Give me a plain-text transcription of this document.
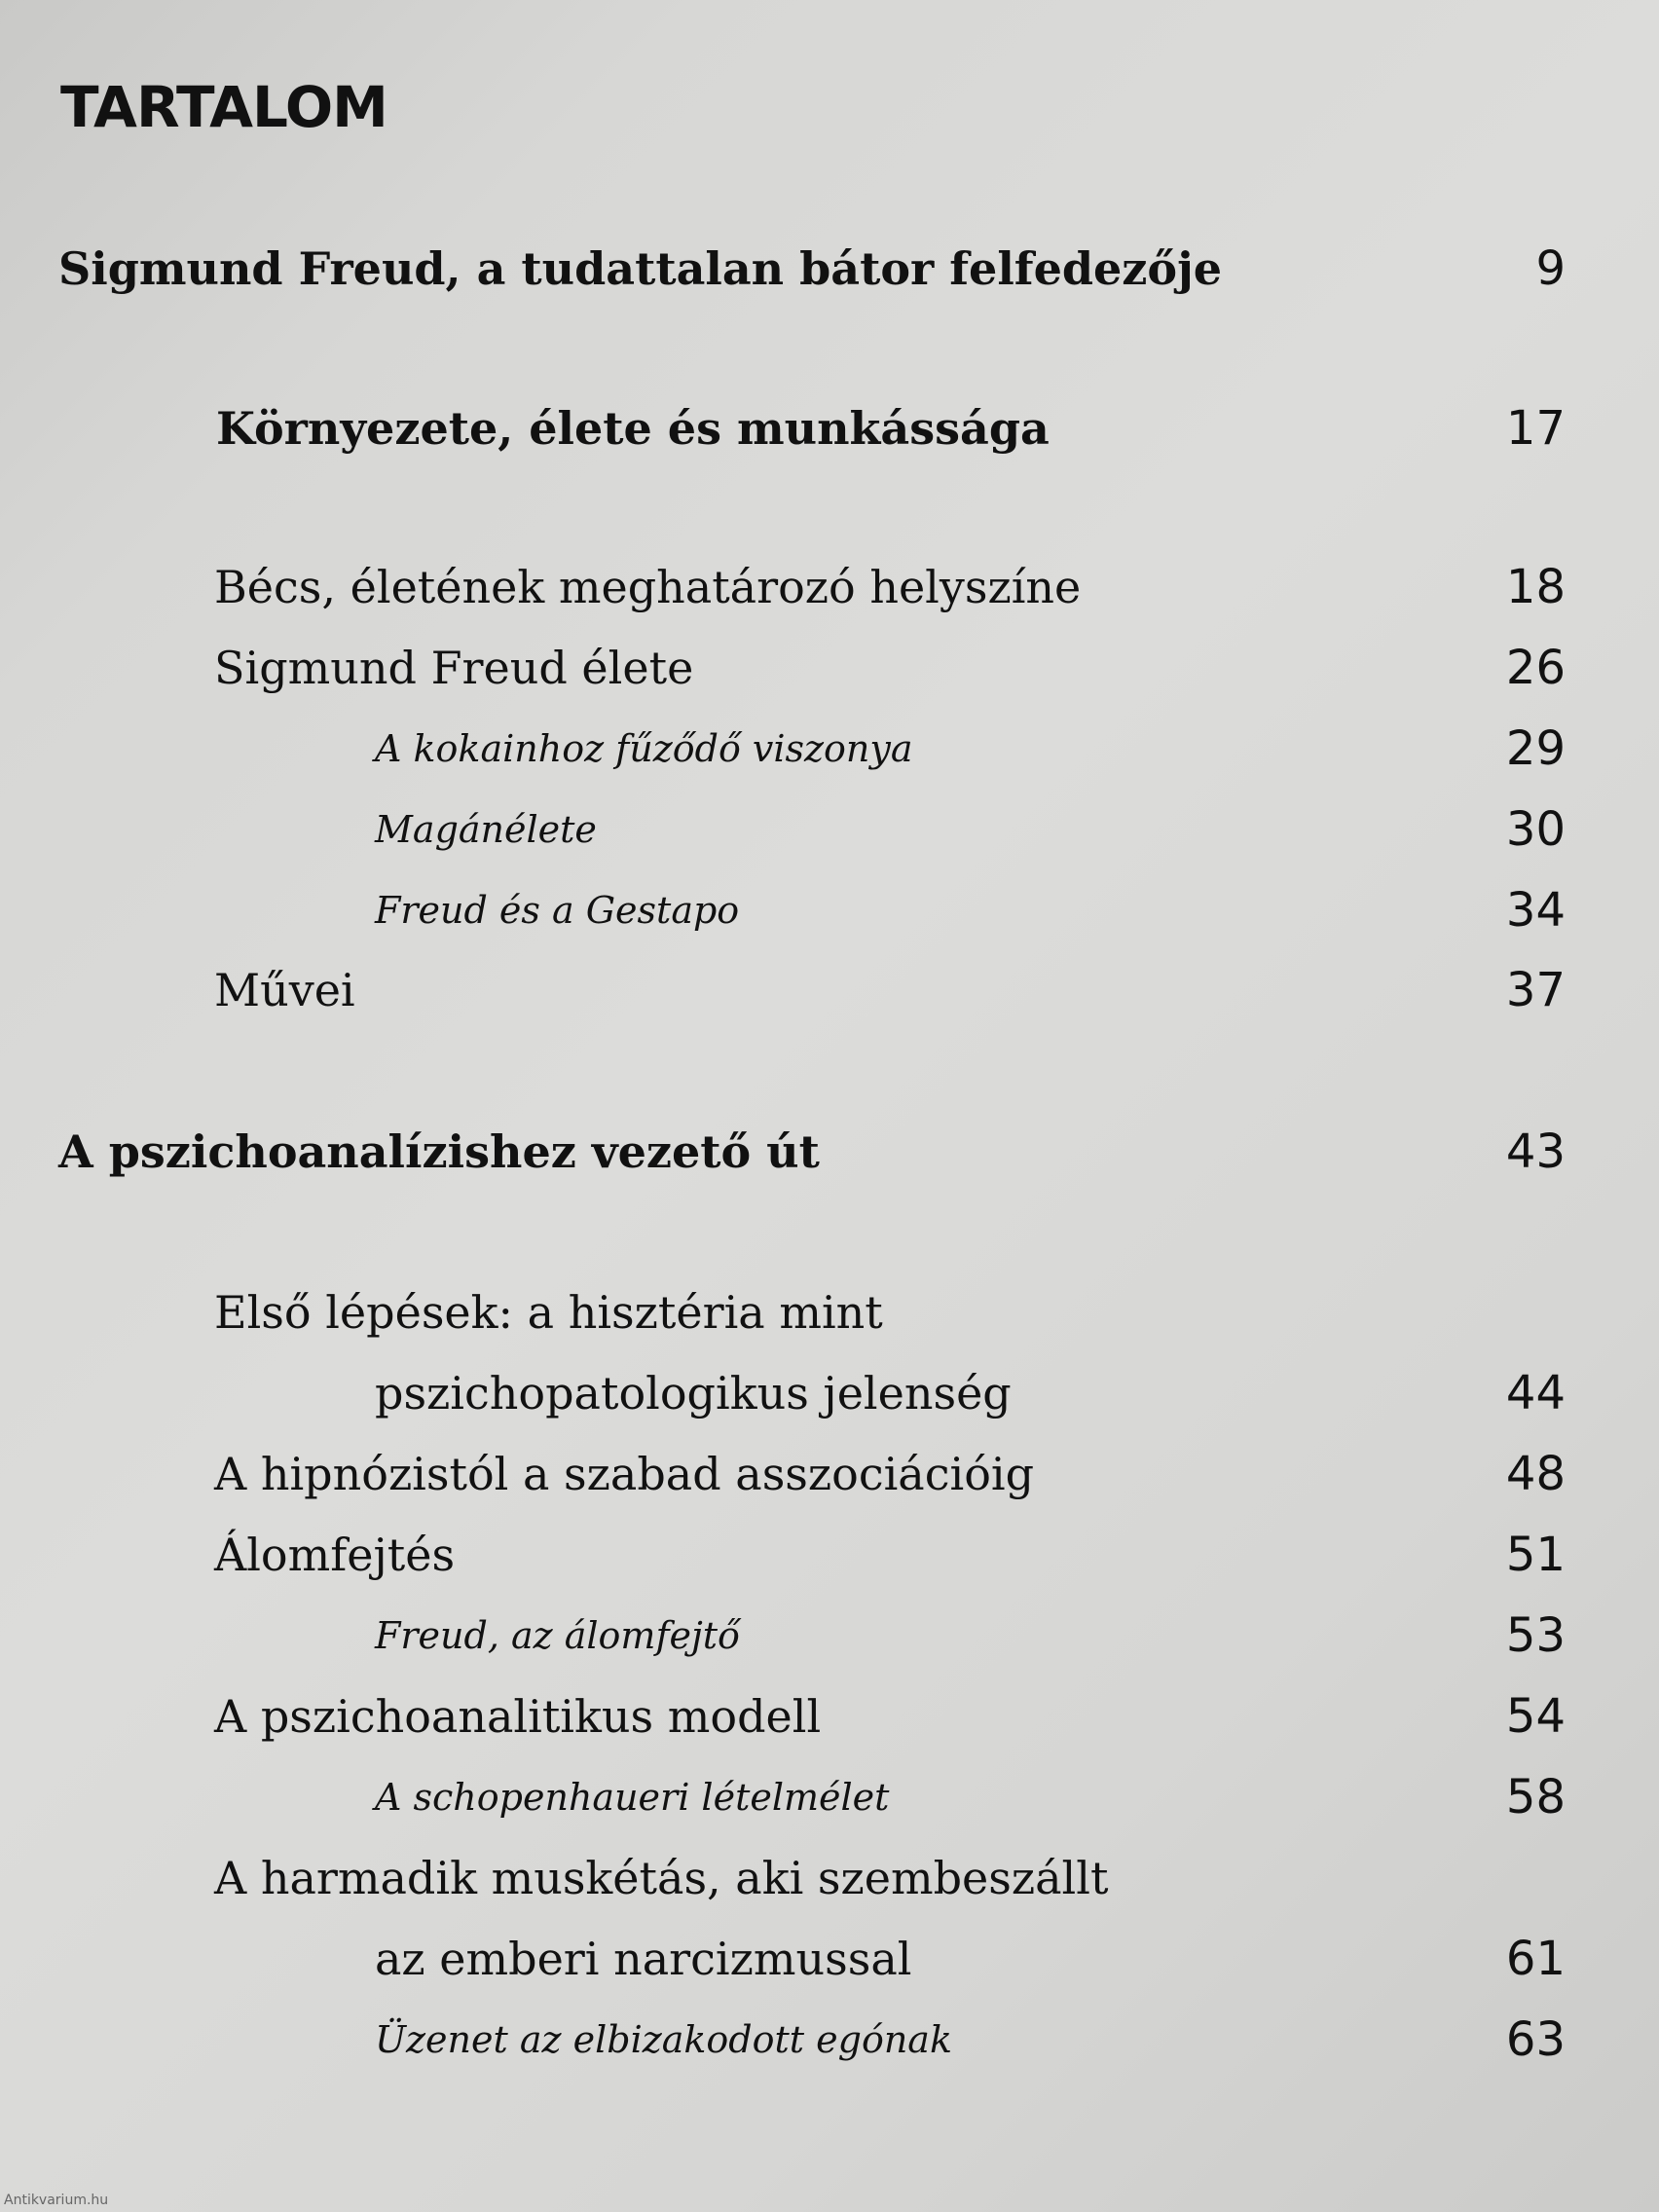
TARTALOM
Sigmund Freud, a tudattalan bátor felfedezője	9
Környezete, élete és munkássága	17
Bécs, életének meghatározó helyszíne	18
Sigmund Freud élete	26
A kokainhoz fűződő viszonya	29
Magánélete	30
Freud és a Gestapo	34
Művei	37
A pszichoanalízishez vezető út	43
Első lépések: a hisztéria mint
pszichopatologikus jelenség	44
A hipnózistól a szabad asszociációig	48
Álomfejtés	51
Freud, az álomfejtő	53
A pszichoanalitikus modell	54
A schopenhaueri lételmélet	58
A harmadik muskétás, aki szembeszállt
az emberi narcizmussal	61
Üzenet az elbizakodott egónak	63
Antikvarium.hu
